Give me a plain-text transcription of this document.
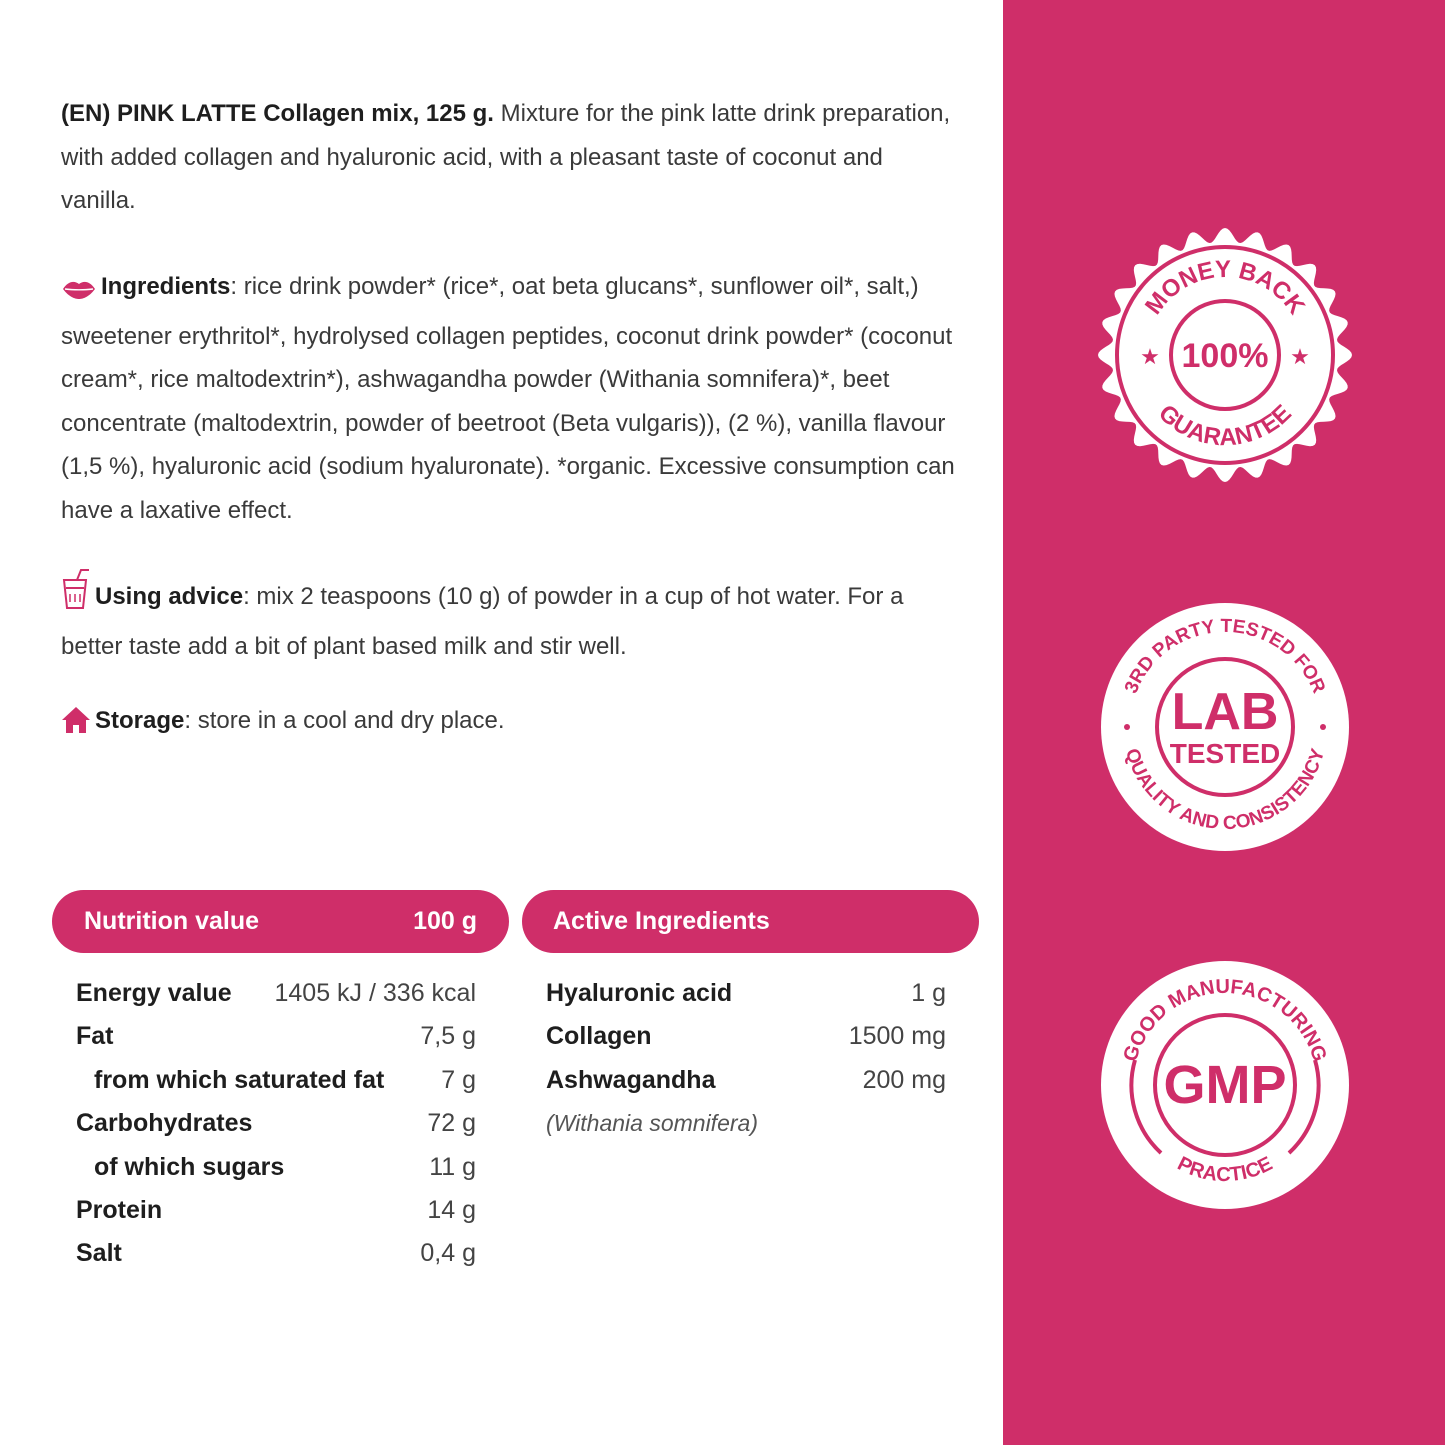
(EN) PINK LATTE Collagen mix, 125 g. Mixture for the pink latte drink preparation, with added collagen and hyaluronic acid, with a pleasant taste of coconut and vanilla.
Ingredients: rice drink powder* (rice*, oat beta glucans*, sunflower oil*, salt,) sweetener erythritol*, hydrolysed collagen peptides, coconut drink powder* (coconut cream*, rice maltodextrin*), ashwagandha powder (Withania somnifera)*, beet concentrate (maltodextrin, powder of beetroot (Beta vulgaris)), (2 %), vanilla flavour (1,5 %), hyaluronic acid (sodium hyaluronate). *organic. Excessive consumption can have a laxative effect.
Using advice: mix 2 teaspoons (10 g) of powder in a cup of hot water. For a better taste add a bit of plant based milk and stir well.
Storage: store in a cool and dry place.
Nutrition value	100 g	Active Ingredients
Energy value 1405 kJ / 336 kcal
Fat	7,5 g
from which saturated fat 7 g
Carbohydrates	72 g
of which sugars	11 g
Protein	14 g
Salt	0,4 g
Hyaluronic acid	1 g
Collagen	1500 mg
Ashwagandha	200 mg
(Withania somnifera)
MONEY BACK
GUARANTEE
100%
★	★
3RD PARTY TESTED FOR
QUALITY AND CONSISTENCY
LAB
TESTED
GOOD MANUFACTURING
PRACTICE
GMP
